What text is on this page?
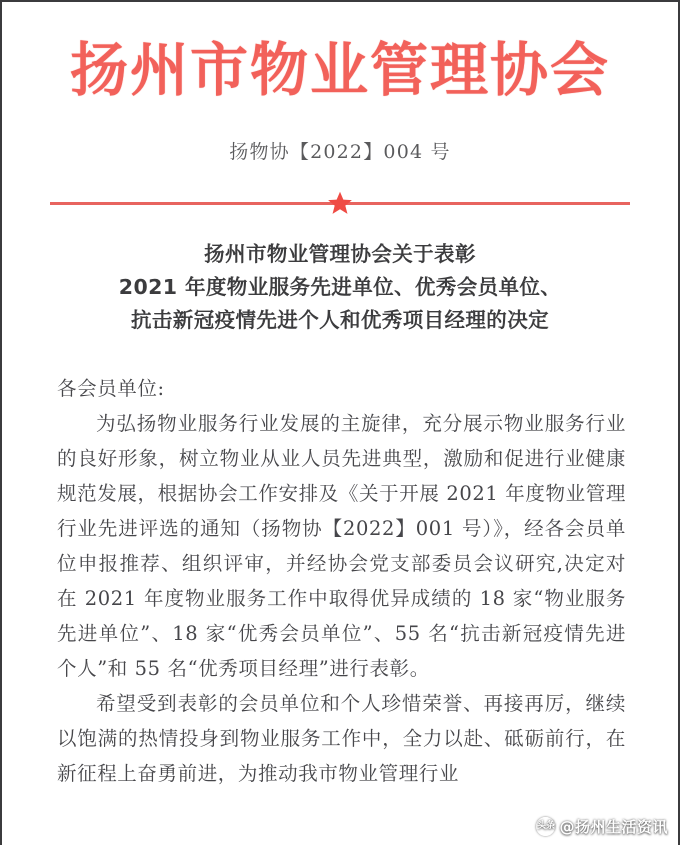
扬州市物业管理协会
扬物协【2022】004 号
扬州市物业管理协会关于表彰
2021 年度物业服务先进单位、优秀会员单位、
抗击新冠疫情先进个人和优秀项目经理的决定

各会员单位:

为弘扬物业服务行业发展的主旋律，充分展示物业服务行业的良好形象，树立物业从业人员先进典型，激励和促进行业健康规范发展，根据协会工作安排及《关于开展 2021 年度物业管理行业先进评选的通知（扬物协【2022】001 号）》，经各会员单位申报推荐、组织评审，并经协会党支部委员会议研究,决定对在 2021 年度物业服务工作中取得优异成绩的 18 家“物业服务先进单位”、18 家“优秀会员单位”、55 名“抗击新冠疫情先进个人”和 55 名“优秀项目经理”进行表彰。

希望受到表彰的会员单位和个人珍惜荣誉、再接再厉，继续以饱满的热情投身到物业服务工作中，全力以赴、砥砺前行，在新征程上奋勇前进，为推动我市物业管理行业

头条 @扬州生活资讯
